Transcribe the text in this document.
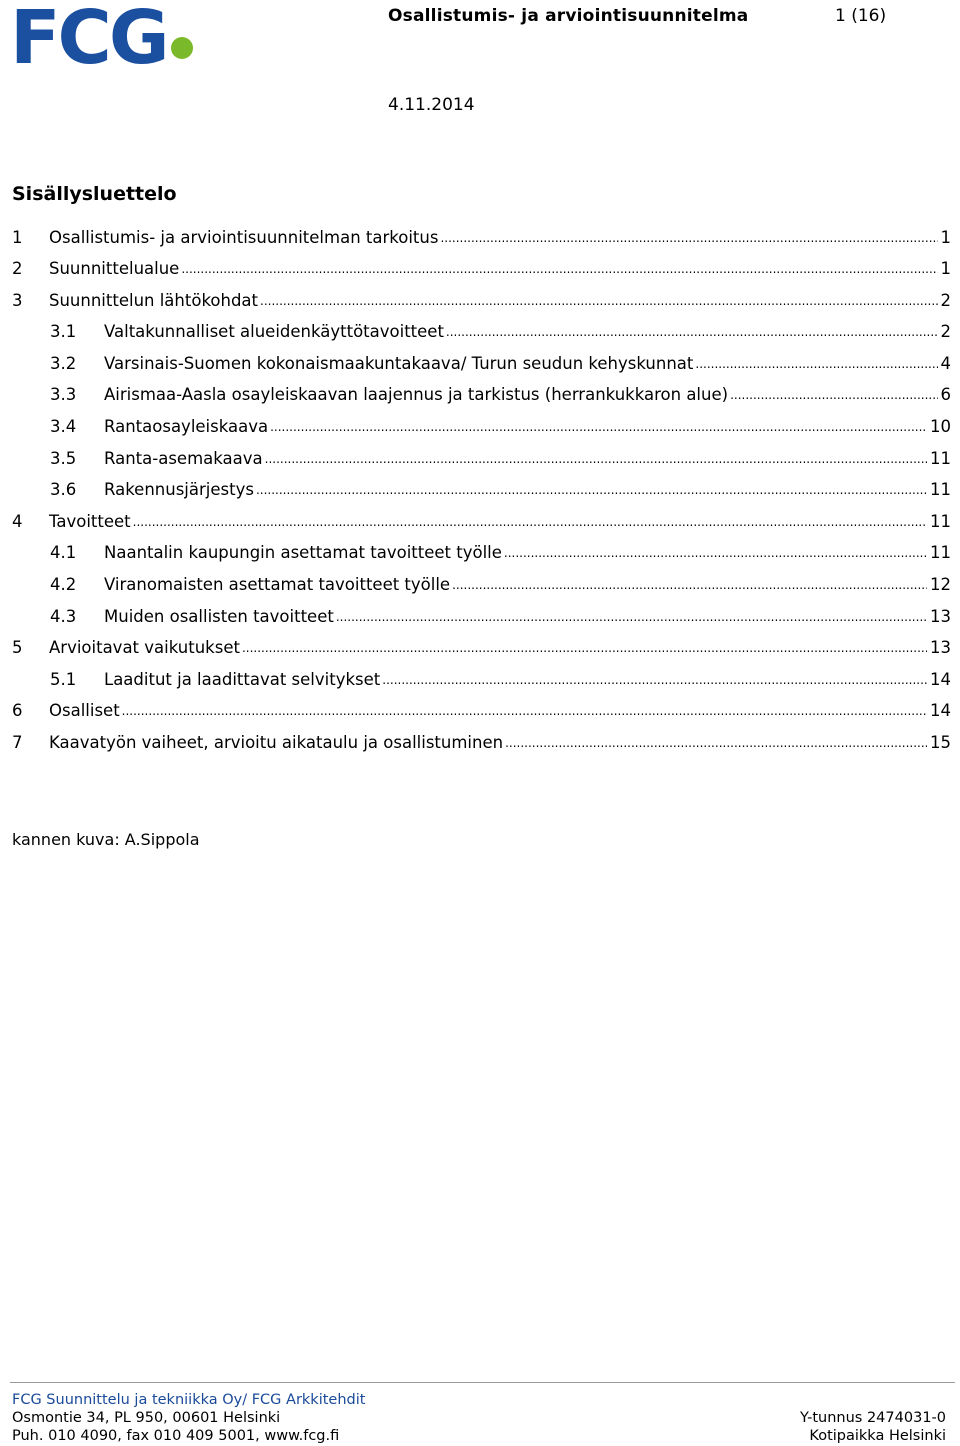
FCG	Osallistumis- ja arviointisuunnitelma	1 (16)
4.11.2014
Sisällysluettelo
1	Osallistumis- ja arviointisuunnitelman tarkoitus .....	1
2	Suunnittelualue .....	1
3	Suunnittelun lähtökohdat .....	2
3.1	Valtakunnalliset alueidenkäyttötavoitteet .....	2
3.2	Varsinais-Suomen kokonaismaakuntakaava/ Turun seudun kehyskunnat .....	4
3.3	Airismaa-Aasla osayleiskaavan laajennus ja tarkistus (herrankukkaron alue) .....	6
3.4	Rantaosayleiskaava .....	10
3.5	Ranta-asemakaava .....	11
3.6	Rakennusjärjestys .....	11
4	Tavoitteet .....	11
4.1	Naantalin kaupungin asettamat tavoitteet työlle .....	11
4.2	Viranomaisten asettamat tavoitteet työlle .....	12
4.3	Muiden osallisten tavoitteet .....	13
5	Arvioitavat vaikutukset .....	13
5.1	Laaditut ja laadittavat selvitykset .....	14
6	Osalliset .....	14
7	Kaavatyön vaiheet, arvioitu aikataulu ja osallistuminen .....	15
kannen kuva: A.Sippola
FCG Suunnittelu ja tekniikka Oy/ FCG Arkkitehdit
Osmontie 34, PL 950, 00601 Helsinki
Puh. 010 4090, fax 010 409 5001, www.fcg.fi
Y-tunnus 2474031-0
Kotipaikka Helsinki
